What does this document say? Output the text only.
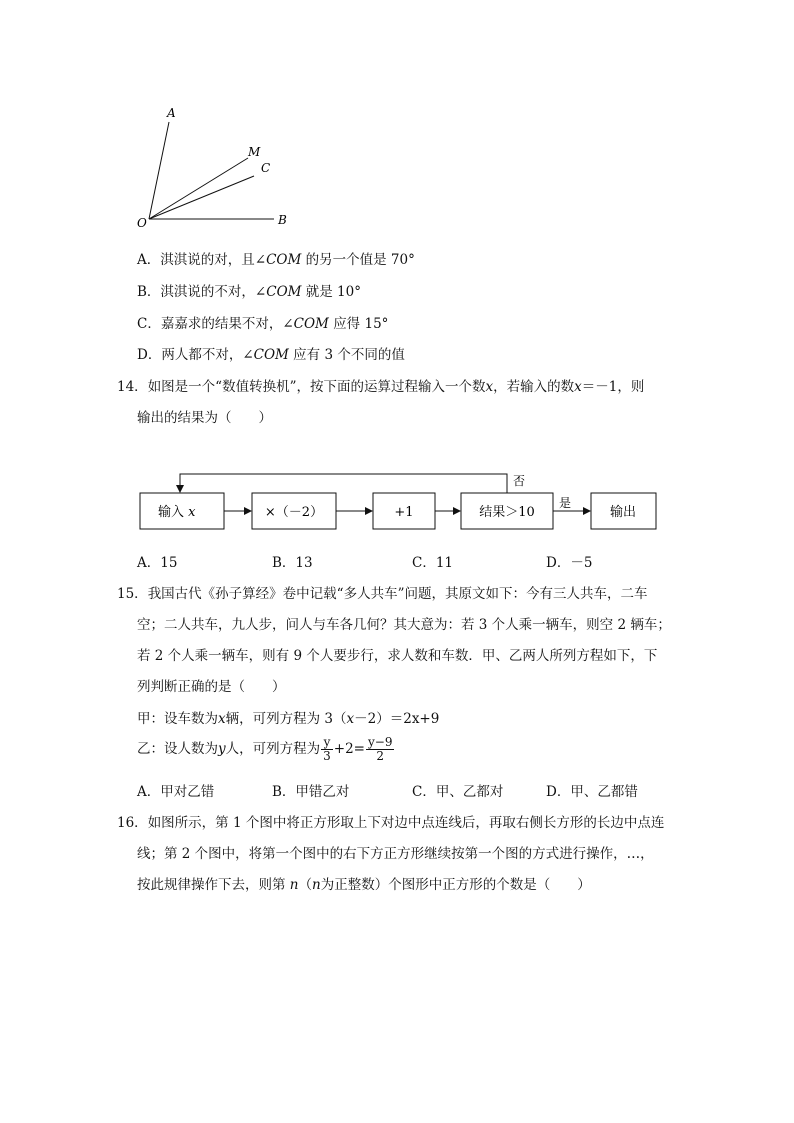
A
M
C
O	B
A．淇淇说的对，且∠COM 的另一个值是 70°
B．淇淇说的不对，∠COM 就是 10°
C．嘉嘉求的结果不对，∠COM 应得 15°
D．两人都不对，∠COM 应有 3 个不同的值
14．如图是一个“数值转换机”，按下面的运算过程输入一个数x，若输入的数x＝－1，则
输出的结果为（　　）
输入 x	×（－2）	+1	结果＞10	输出
是
否
A．15	B．13	C．11	D．－5
15．我国古代《孙子算经》卷中记载“多人共车”问题，其原文如下：今有三人共车，二车
空；二人共车，九人步，问人与车各几何？其大意为：若 3 个人乘一辆车，则空 2 辆车；
若 2 个人乘一辆车，则有 9 个人要步行，求人数和车数．甲、乙两人所列方程如下，下
列判断正确的是（　　）
甲：设车数为x辆，可列方程为 3（x－2）＝2x+9
乙：设人数为y人，可列方程为 $\frac{y}{3} +2= \frac{y-9}{2}$
A．甲对乙错	B．甲错乙对	C．甲、乙都对	D．甲、乙都错
16．如图所示，第 1 个图中将正方形取上下对边中点连线后，再取右侧长方形的长边中点连
线；第 2 个图中，将第一个图中的右下方正方形继续按第一个图的方式进行操作，…，
按此规律操作下去，则第 n（n为正整数）个图形中正方形的个数是（　　）
